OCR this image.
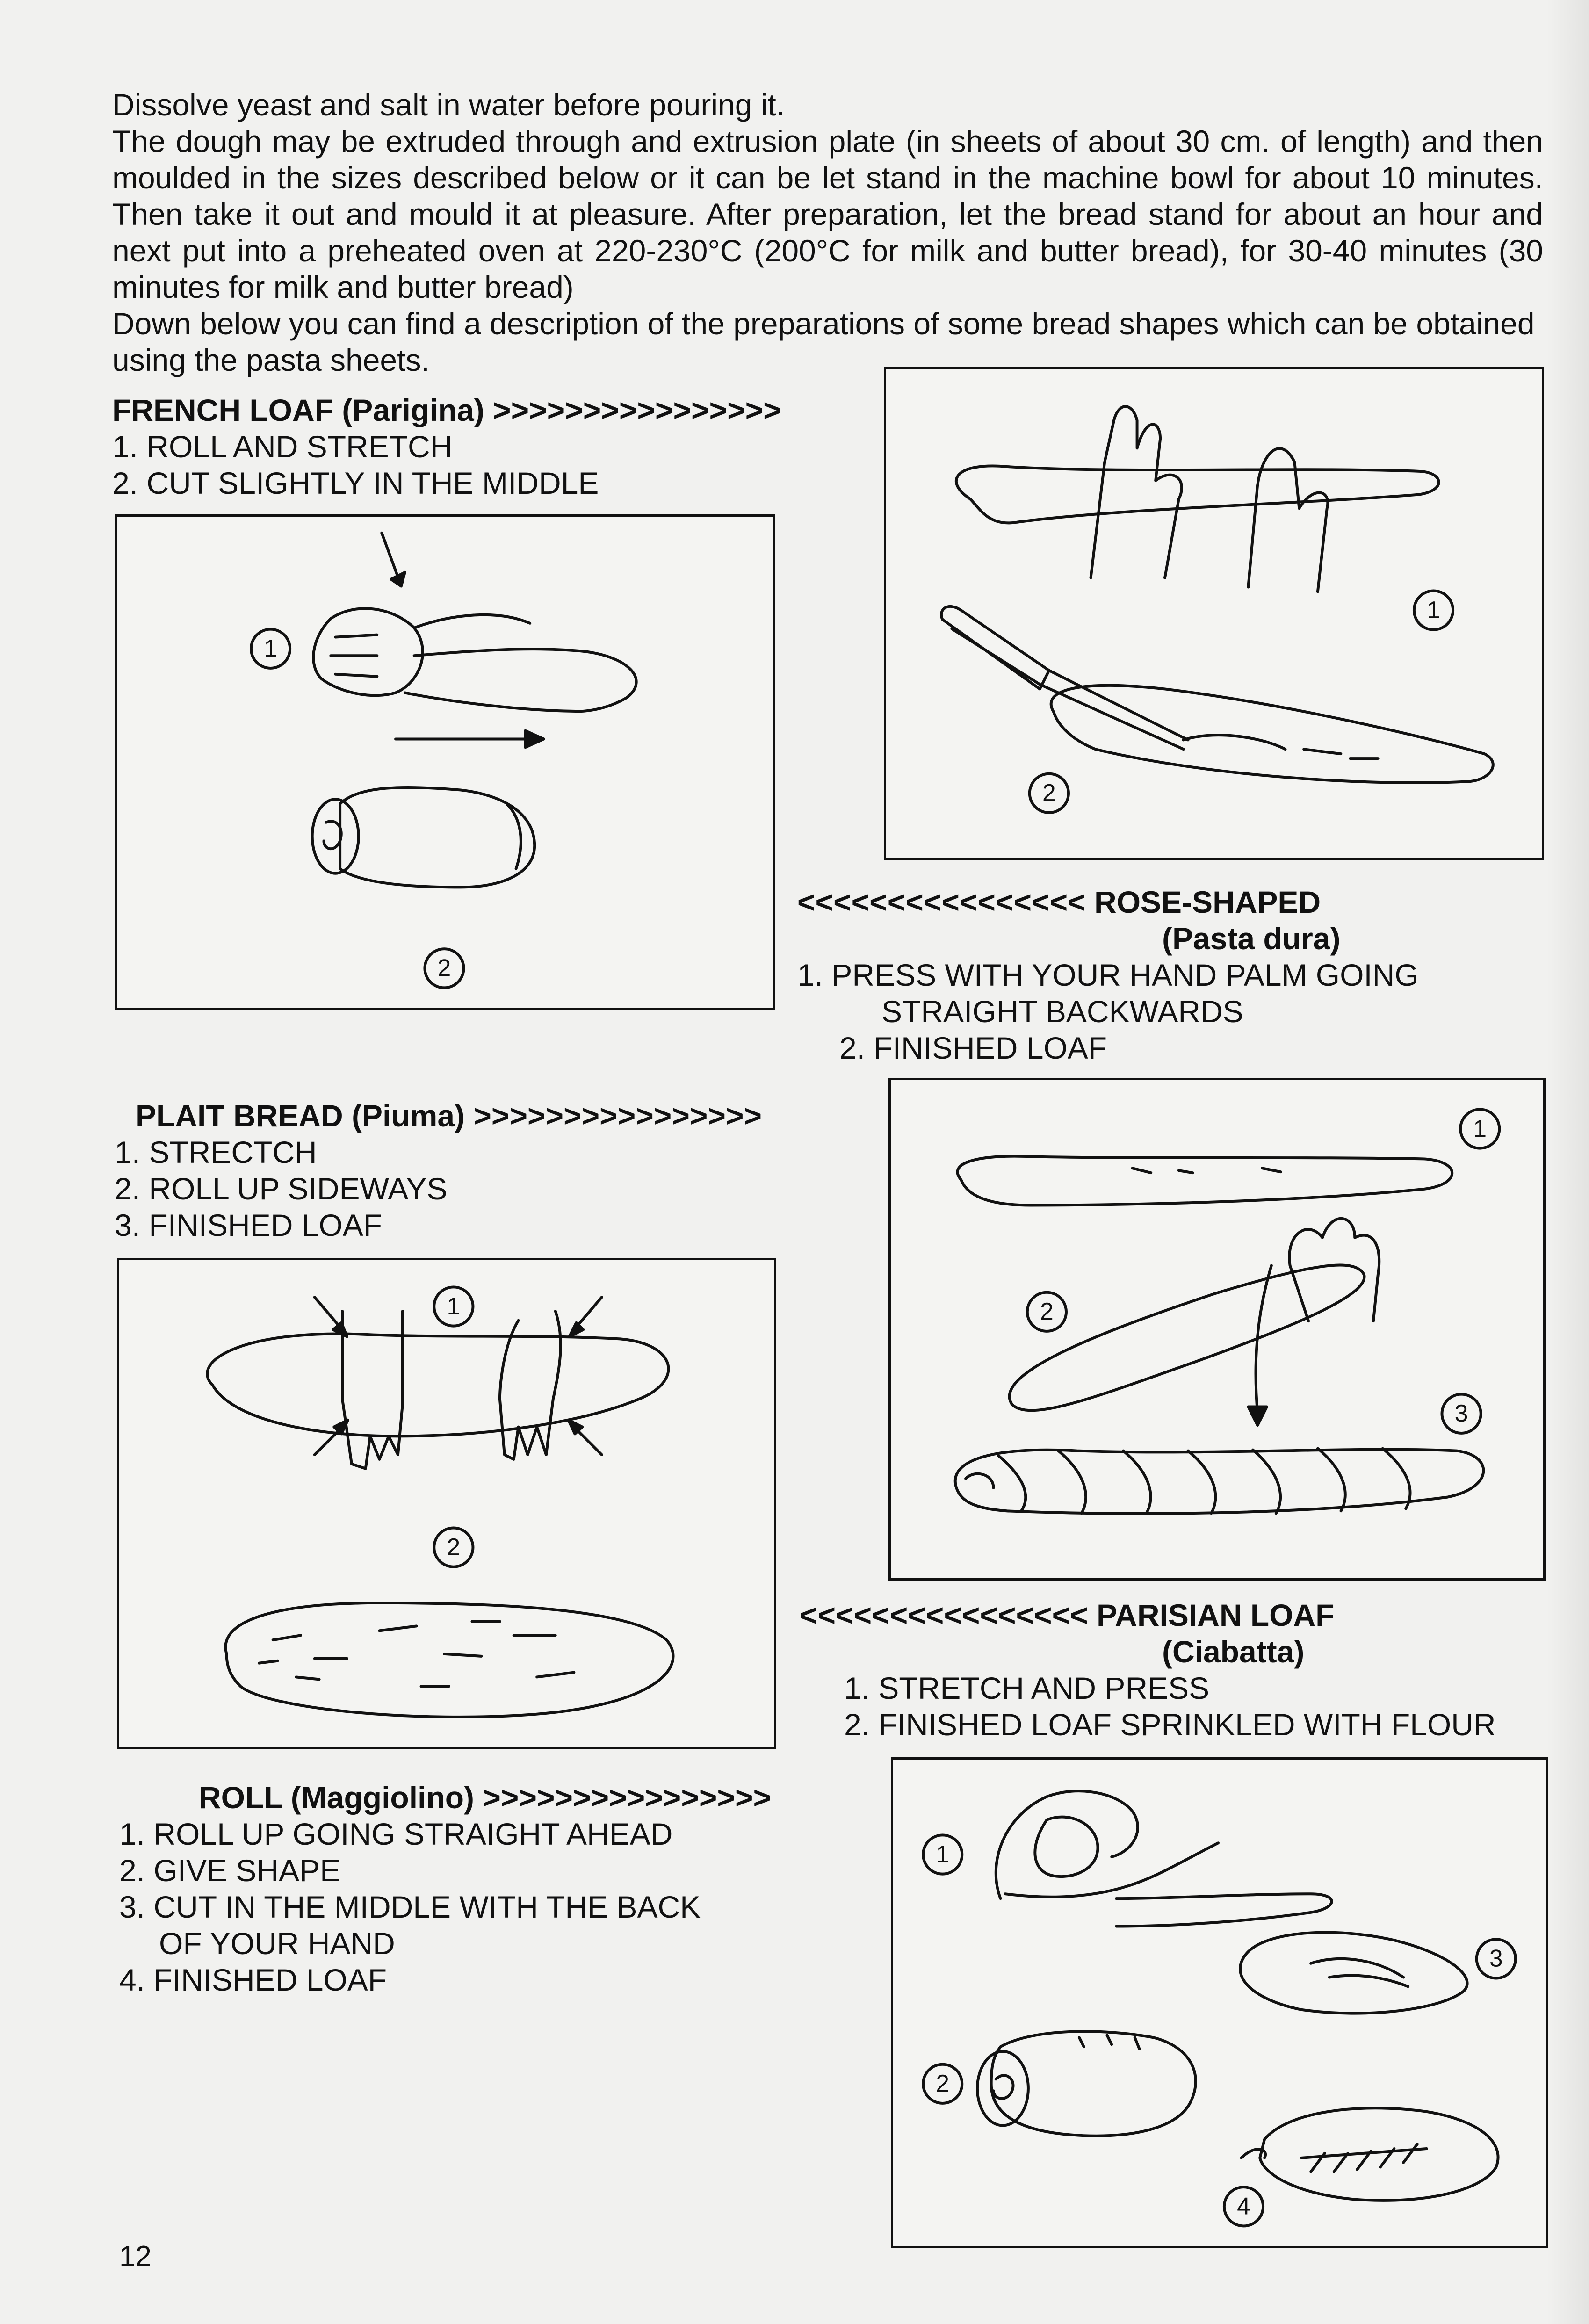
Dissolve yeast and salt in water before pouring it.

The dough may be extruded through and extrusion plate (in sheets of about 30 cm. of length) and then moulded in the sizes described below or it can be let stand in the machine bowl for about 10 minutes. Then take it out and mould it at pleasure. After preparation, let the bread stand for about an hour and next put into a preheated oven at 220-230°C (200°C for milk and butter bread), for 30-40 minutes (30 minutes for milk and butter bread)

Down below you can find a description of the preparations of some bread shapes which can be obtained using the pasta sheets.

FRENCH LOAF (Parigina) >>>>>>>>>>>>>>>>
1. ROLL AND STRETCH
2. CUT SLIGHTLY IN THE MIDDLE
2
1
PLAIT BREAD (Piuma) >>>>>>>>>>>>>>>>
1. STRECTCH
2. ROLL UP SIDEWAYS
3. FINISHED LOAF
1
2
ROLL (Maggiolino) >>>>>>>>>>>>>>>>
1. ROLL UP GOING STRAIGHT AHEAD
2. GIVE SHAPE
3. CUT IN THE MIDDLE WITH THE BACK
OF YOUR HAND
4. FINISHED LOAF
1
2
<<<<<<<<<<<<<<<< ROSE-SHAPED
(Pasta dura)
1. PRESS WITH YOUR HAND PALM GOING
STRAIGHT BACKWARDS
2. FINISHED LOAF
1
2
3
<<<<<<<<<<<<<<<< PARISIAN LOAF
(Ciabatta)
1. STRETCH AND PRESS
2. FINISHED LOAF SPRINKLED WITH FLOUR
1
3
2
4
12
